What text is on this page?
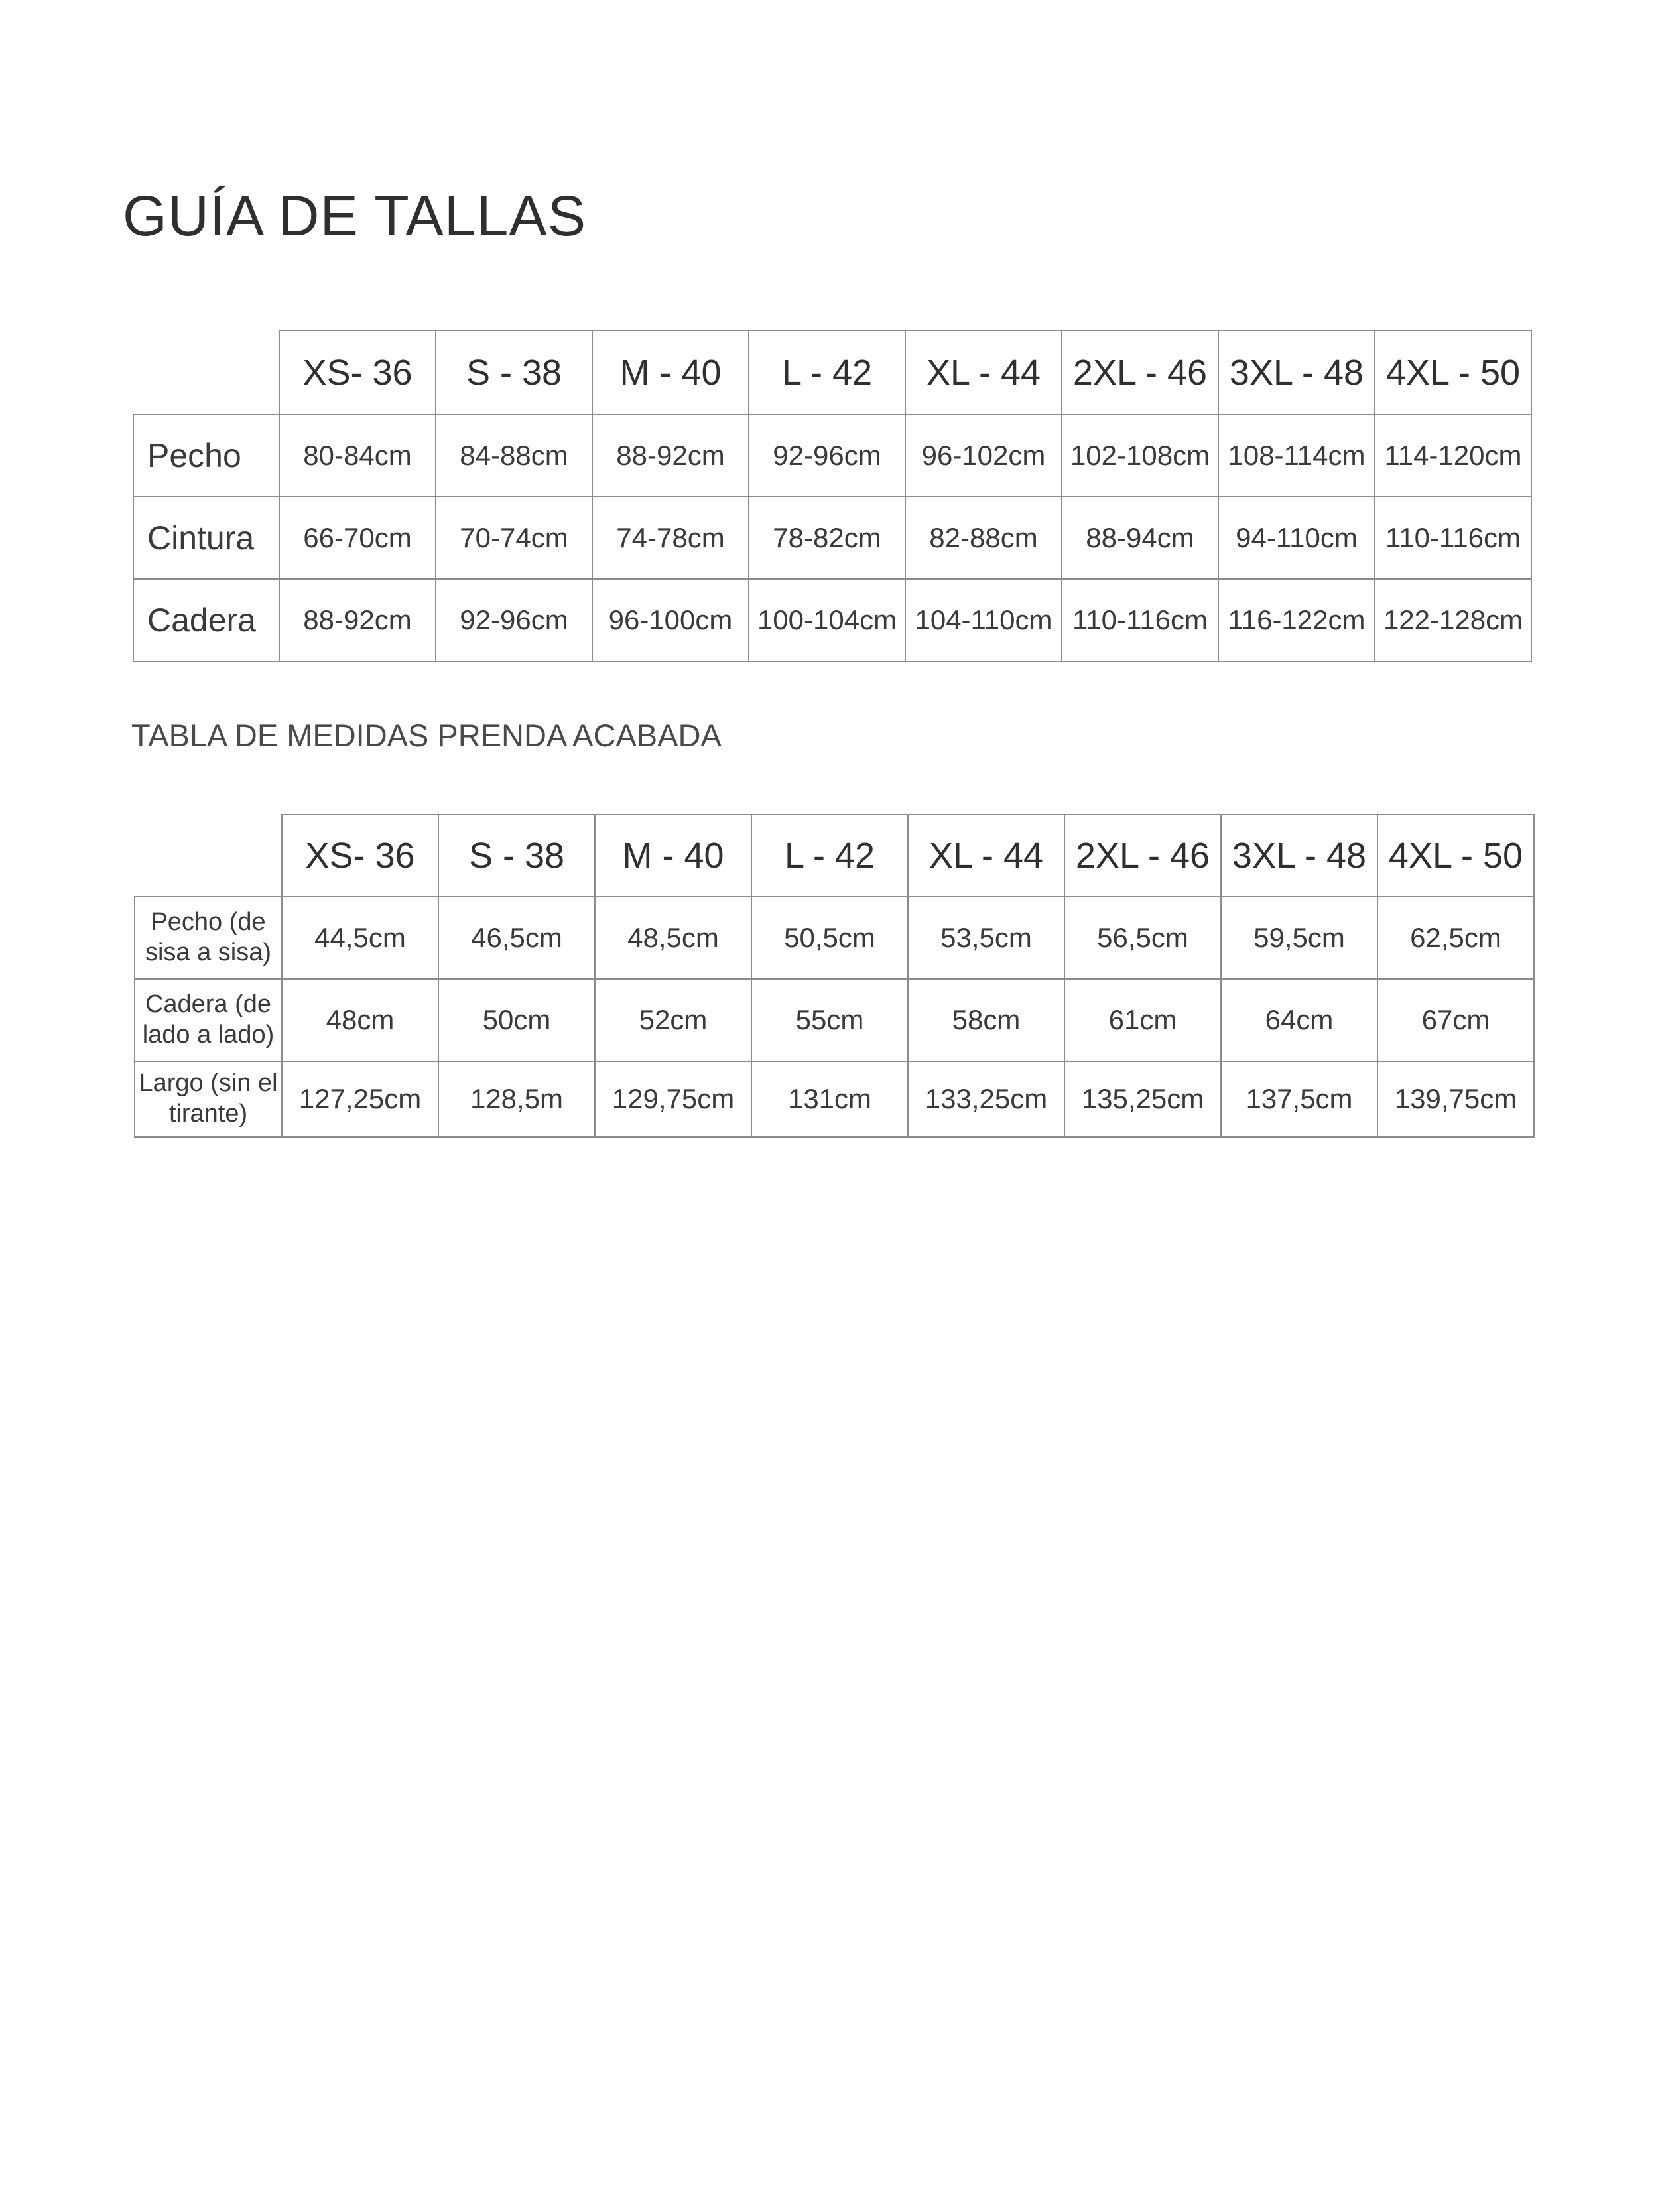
GUÍA DE TALLAS
	XS- 36	S - 38	M - 40	L - 42	XL - 44	2XL - 46	3XL - 48	4XL - 50
Pecho	80-84cm	84-88cm	88-92cm	92-96cm	96-102cm	102-108cm	108-114cm	114-120cm
Cintura	66-70cm	70-74cm	74-78cm	78-82cm	82-88cm	88-94cm	94-110cm	110-116cm
Cadera	88-92cm	92-96cm	96-100cm	100-104cm	104-110cm	110-116cm	116-122cm	122-128cm
TABLA DE MEDIDAS PRENDA ACABADA
	XS- 36	S - 38	M - 40	L - 42	XL - 44	2XL - 46	3XL - 48	4XL - 50
Pecho (de sisa a sisa)	44,5cm	46,5cm	48,5cm	50,5cm	53,5cm	56,5cm	59,5cm	62,5cm
Cadera (de lado a lado)	48cm	50cm	52cm	55cm	58cm	61cm	64cm	67cm
Largo (sin el tirante)	127,25cm	128,5m	129,75cm	131cm	133,25cm	135,25cm	137,5cm	139,75cm
